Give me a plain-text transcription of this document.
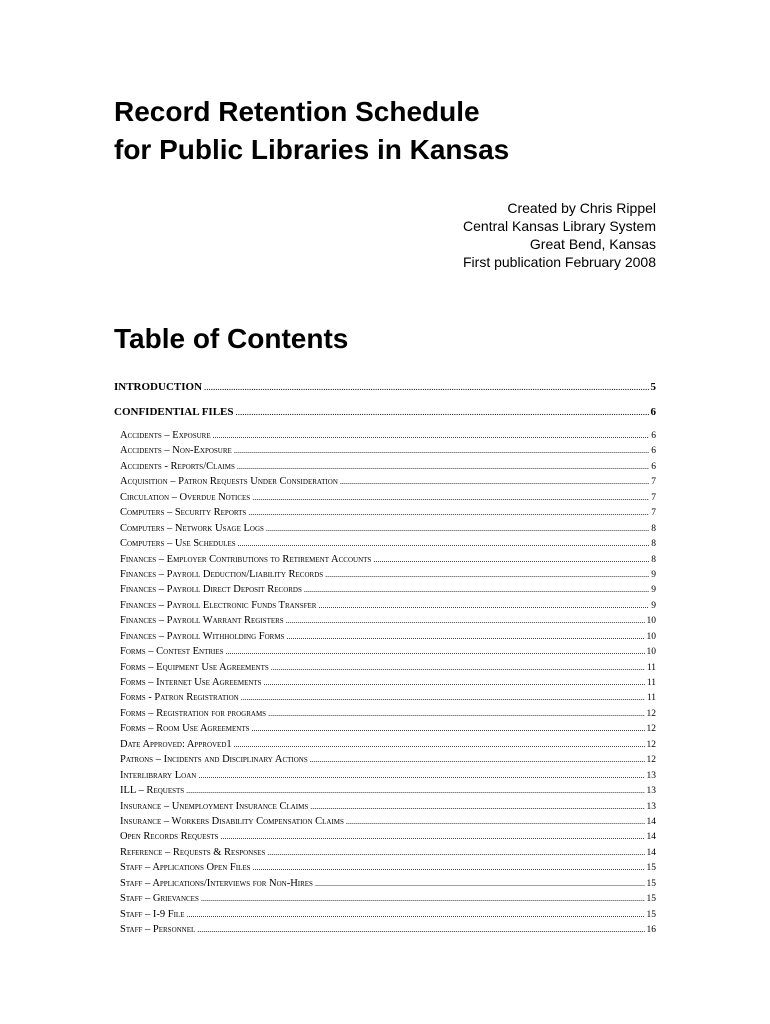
Record Retention Schedule
for Public Libraries in Kansas
Created by Chris Rippel
Central Kansas Library System
Great Bend, Kansas
First publication February 2008
Table of Contents
INTRODUCTION .....	5
CONFIDENTIAL FILES .....	6
Accidents – Exposure .....	6
Accidents – Non-Exposure .....	6
Accidents - Reports/Claims .....	6
Acquisition – Patron Requests Under Consideration .....	7
Circulation – Overdue Notices .....	7
Computers – Security Reports .....	7
Computers – Network Usage Logs .....	8
Computers – Use Schedules .....	8
Finances – Employer Contributions to Retirement Accounts .....	8
Finances – Payroll Deduction/Liability Records .....	9
Finances – Payroll Direct Deposit Records .....	9
Finances – Payroll Electronic Funds Transfer .....	9
Finances – Payroll Warrant Registers .....	10
Finances – Payroll Withholding Forms .....	10
Forms – Contest Entries .....	10
Forms – Equipment Use Agreements .....	11
Forms – Internet Use Agreements .....	11
Forms - Patron Registration .....	11
Forms – Registration for programs .....	12
Forms – Room Use Agreements .....	12
Date Approved: Approved1 .....	12
Patrons – Incidents and Disciplinary Actions .....	12
Interlibrary Loan .....	13
ILL – Requests .....	13
Insurance – Unemployment Insurance Claims .....	13
Insurance – Workers Disability Compensation Claims .....	14
Open Records Requests .....	14
Reference – Requests & Responses .....	14
Staff – Applications Open Files .....	15
Staff – Applications/Interviews for Non-Hires .....	15
Staff – Grievances .....	15
Staff – I-9 File .....	15
Staff – Personnel .....	16
